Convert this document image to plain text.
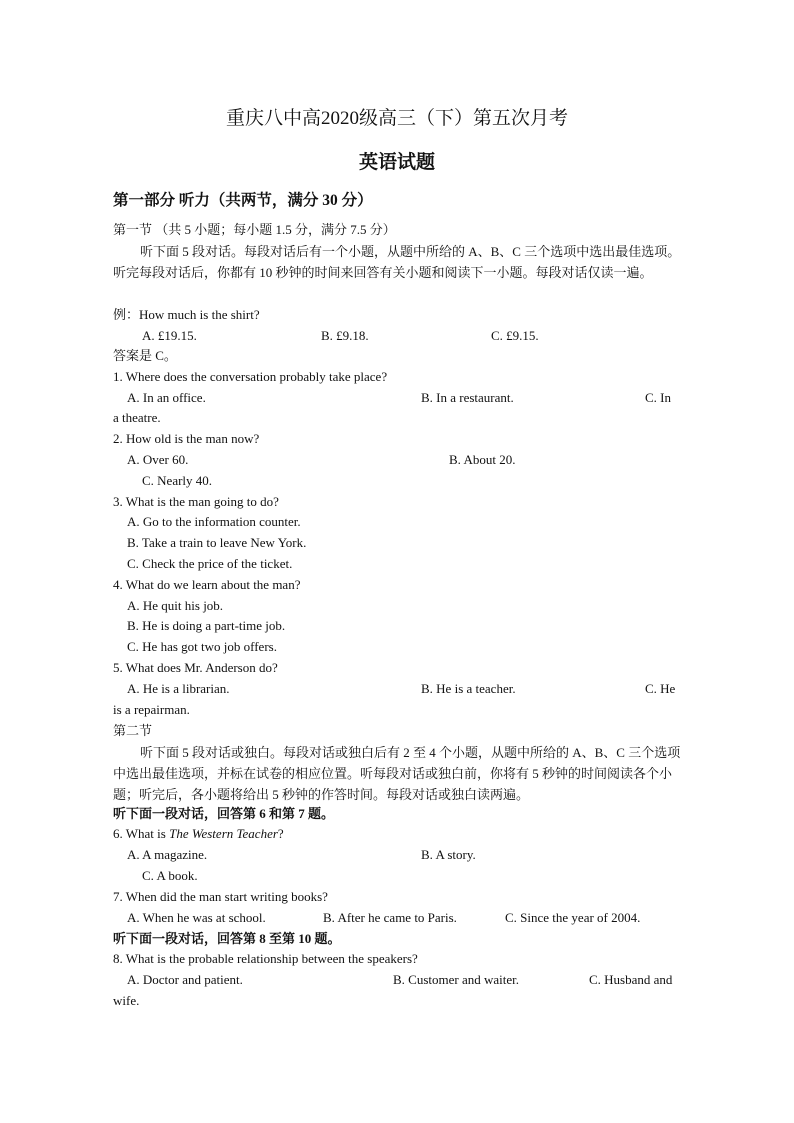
重庆八中高2020级高三（下）第五次月考
英语试题
第一部分 听力（共两节，满分 30 分）
第一节 （共 5 小题；每小题 1.5 分，满分 7.5 分）
听下面 5 段对话。每段对话后有一个小题，从题中所给的 A、B、C 三个选项中选出最佳选项。听完每段对话后，你都有 10 秒钟的时间来回答有关小题和阅读下一小题。每段对话仅读一遍。
例：How much is the shirt?
A. £19.15.	B. £9.18.	C. £9.15.
答案是 C。
1. Where does the conversation probably take place?
A. In an office.	B. In a restaurant.	C. In
a theatre.
2. How old is the man now?
A. Over 60.	B. About 20.
C. Nearly 40.
3. What is the man going to do?
A. Go to the information counter.
B. Take a train to leave New York.
C. Check the price of the ticket.
4. What do we learn about the man?
A. He quit his job.
B. He is doing a part-time job.
C. He has got two job offers.
5. What does Mr. Anderson do?
A. He is a librarian.	B. He is a teacher.	C. He
is a repairman.
第二节
听下面 5 段对话或独白。每段对话或独白后有 2 至 4 个小题，从题中所给的 A、B、C 三个选项中选出最佳选项，并标在试卷的相应位置。听每段对话或独白前，你将有 5 秒钟的时间阅读各个小题；听完后，各小题将给出 5 秒钟的作答时间。每段对话或独白读两遍。
听下面一段对话，回答第 6 和第 7 题。
6. What is The Western Teacher?
A. A magazine.	B. A story.
C. A book.
7. When did the man start writing books?
A. When he was at school.	B. After he came to Paris.	C. Since the year of 2004.
听下面一段对话，回答第 8 至第 10 题。
8. What is the probable relationship between the speakers?
A. Doctor and patient.	B. Customer and waiter.	C. Husband and
wife.
